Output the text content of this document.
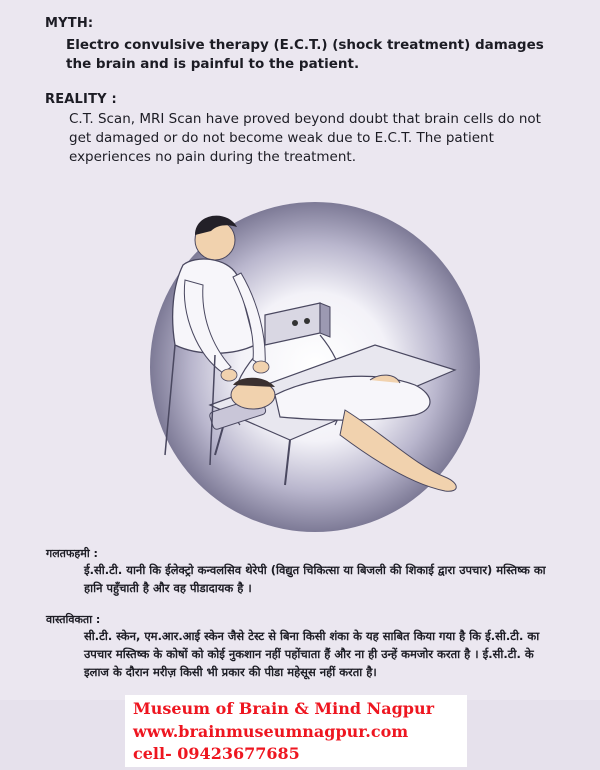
MYTH:
Electro convulsive therapy (E.C.T.) (shock treatment) damages the brain and is painful to the patient.
REALITY :
C.T. Scan, MRI Scan have proved beyond doubt that brain cells do not get damaged or do not become weak due to E.C.T. The patient experiences no pain during the treatment.
गलतफहमी :
ई.सी.टी. यानी कि ईलेक्ट्रो कन्वलसिव थेरेपी (विद्युत चिकित्सा या बिजली की शिकाई द्वारा उपचार) मस्तिष्क का हानि पहुँचाती है और वह पीडादायक है ।
वास्तविकता :
सी.टी. स्केन, एम.आर.आई स्केन जैसे टेस्ट से बिना किसी शंका के यह साबित किया गया है कि ई.सी.टी. का उपचार मस्तिष्क के कोषों को कोई नुकशान नहीं पहोंचाता हैं और ना ही उन्हें कमजोर करता है । ई.सी.टी. के इलाज के दौरान मरीज़ किसी भी प्रकार की पीडा महेसूस नहीं करता है।
Museum of Brain & Mind Nagpur
www.brainmuseumnagpur.com
cell- 09423677685
